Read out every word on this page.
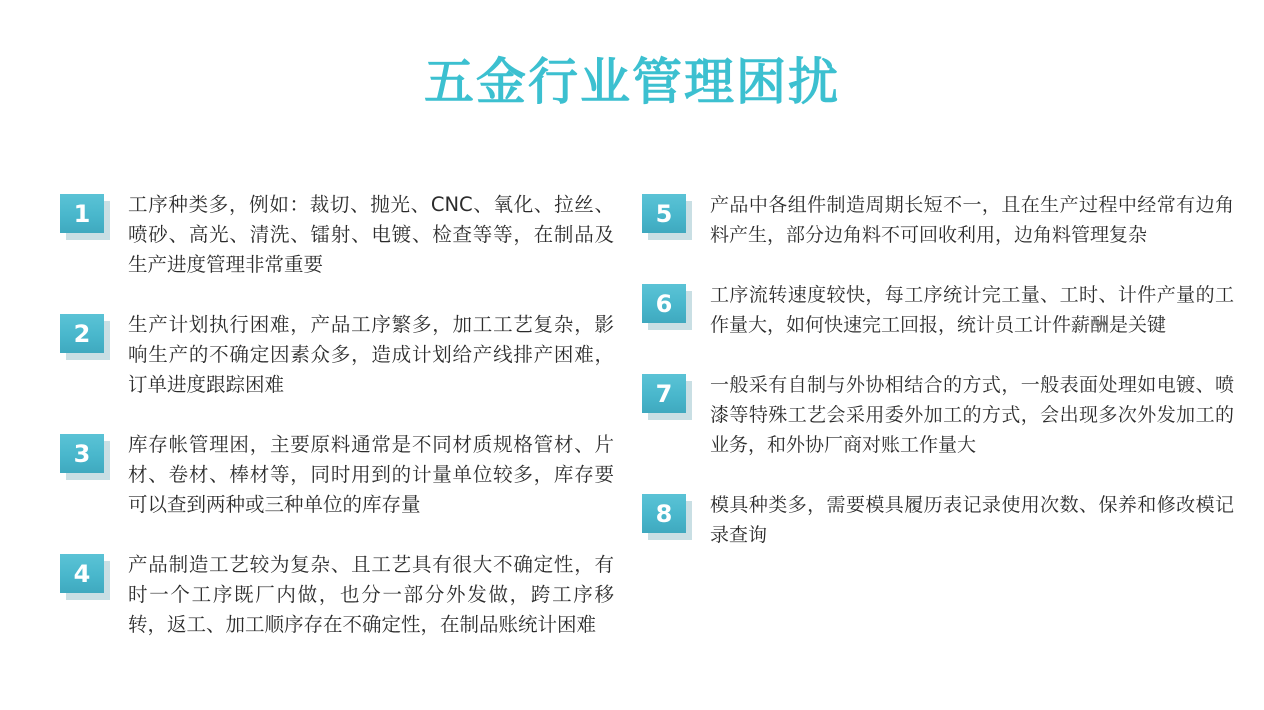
五金行业管理困扰
1	工序种类多，例如：裁切、抛光、CNC、氧化、拉丝、喷砂、高光、清洗、镭射、电镀、检查等等，在制品及生产进度管理非常重要
2	生产计划执行困难，产品工序繁多，加工工艺复杂，影响生产的不确定因素众多，造成计划给产线排产困难，订单进度跟踪困难
3	库存帐管理困，主要原料通常是不同材质规格管材、片材、卷材、棒材等，同时用到的计量单位较多，库存要可以查到两种或三种单位的库存量
4	产品制造工艺较为复杂、且工艺具有很大不确定性，有时一个工序既厂内做，也分一部分外发做，跨工序移转，返工、加工顺序存在不确定性，在制品账统计困难
5	产品中各组件制造周期长短不一，且在生产过程中经常有边角料产生，部分边角料不可回收利用，边角料管理复杂
6	工序流转速度较快，每工序统计完工量、工时、计件产量的工作量大，如何快速完工回报，统计员工计件薪酬是关键
7	一般采有自制与外协相结合的方式，一般表面处理如电镀、喷漆等特殊工艺会采用委外加工的方式，会出现多次外发加工的业务，和外协厂商对账工作量大
8	模具种类多，需要模具履历表记录使用次数、保养和修改模记录查询
